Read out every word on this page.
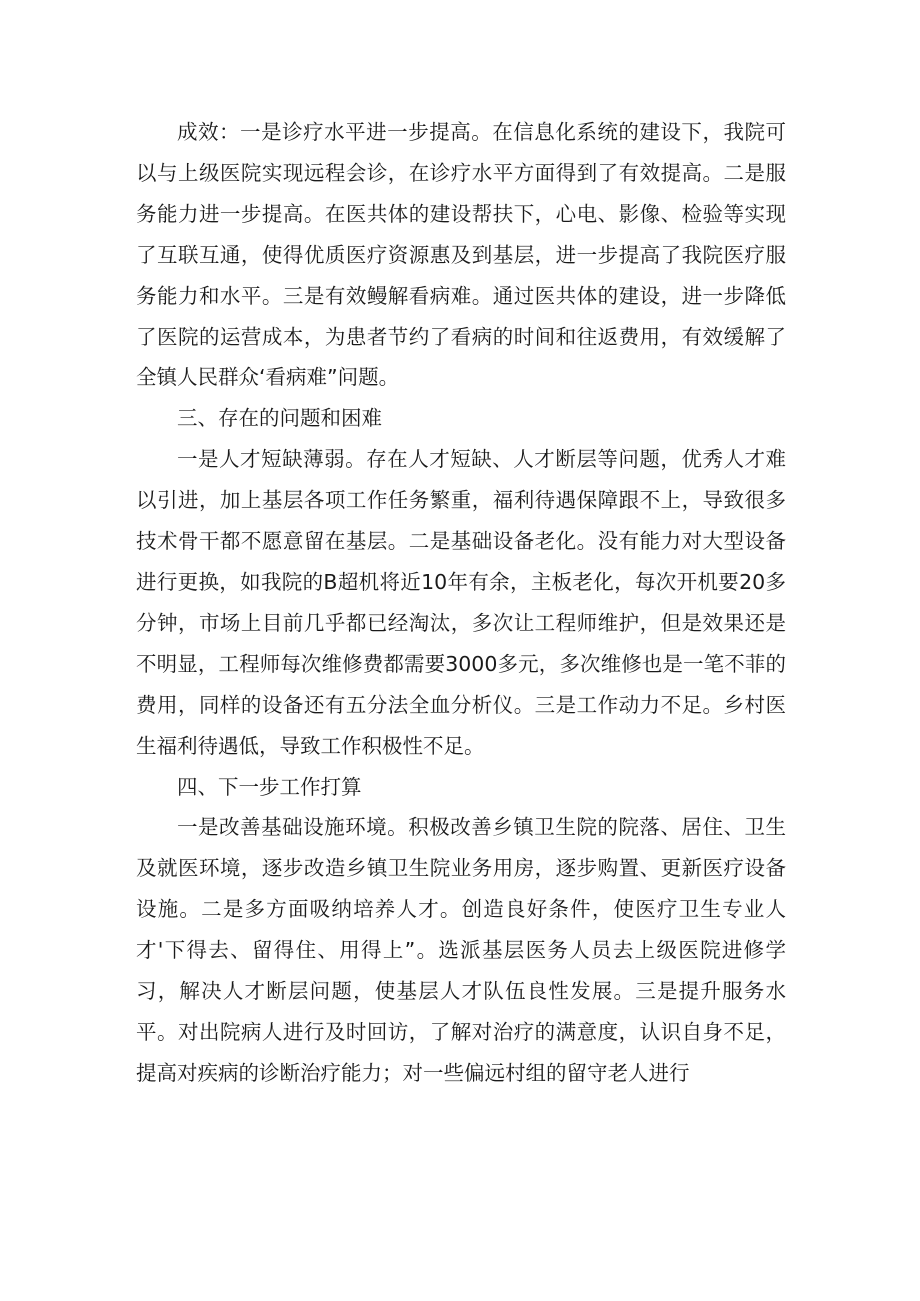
成效：一是诊疗水平进一步提高。在信息化系统的建设下，我院可以与上级医院实现远程会诊，在诊疗水平方面得到了有效提高。二是服务能力进一步提高。在医共体的建设帮扶下，心电、影像、检验等实现了互联互通，使得优质医疗资源惠及到基层，进一步提高了我院医疗服务能力和水平。三是有效鳗解看病难。通过医共体的建设，进一步降低了医院的运营成本，为患者节约了看病的时间和往返费用，有效缓解了全镇人民群众‘看病难”问题。

三、存在的问题和困难

一是人才短缺薄弱。存在人才短缺、人才断层等问题，优秀人才难以引进，加上基层各项工作任务繁重，福利待遇保障跟不上，导致很多技术骨干都不愿意留在基层。二是基础设备老化。没有能力对大型设备进行更换，如我院的B超机将近10年有余，主板老化，每次开机要20多分钟，市场上目前几乎都已经淘汰，多次让工程师维护，但是效果还是不明显，工程师每次维修费都需要3000多元，多次维修也是一笔不菲的费用，同样的设备还有五分法全血分析仪。三是工作动力不足。乡村医生福利待遇低，导致工作积极性不足。

四、下一步工作打算

一是改善基础设施环境。积极改善乡镇卫生院的院落、居住、卫生及就医环境，逐步改造乡镇卫生院业务用房，逐步购置、更新医疗设备设施。二是多方面吸纳培养人才。创造良好条件，使医疗卫生专业人才'下得去、留得住、用得上”。选派基层医务人员去上级医院进修学习，解决人才断层问题，使基层人才队伍良性发展。三是提升服务水平。对出院病人进行及时回访，了解对治疗的满意度，认识自身不足，提高对疾病的诊断治疗能力；对一些偏远村组的留守老人进行
